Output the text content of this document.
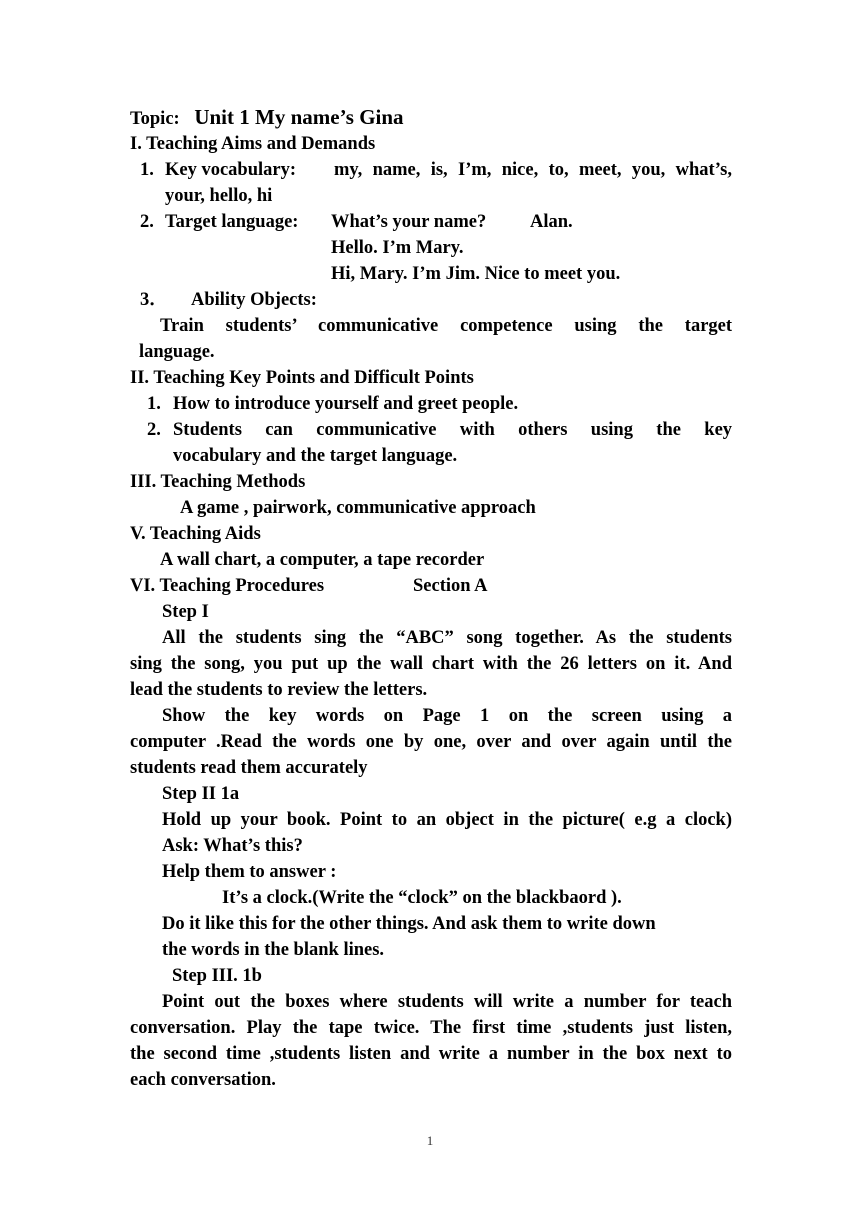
Topic: Unit 1 My name’s Gina
I. Teaching Aims and Demands
1. Key vocabulary: my, name, is, I’m, nice, to, meet, you, what’s,
your, hello, hi
2. Target language: What’s your name? Alan.
Hello. I’m Mary.
Hi, Mary. I’m Jim. Nice to meet you.
3． Ability Objects:
Train students’ communicative competence using the target
language.
II. Teaching Key Points and Difficult Points
1. How to introduce yourself and greet people.
2. Students can communicative with others using the key
vocabulary and the target language.
III. Teaching Methods
A game , pairwork, communicative approach
V. Teaching Aids
A wall chart, a computer, a tape recorder
VI. Teaching Procedures	Section A
Step I
All the students sing the “ABC” song together. As the students
sing the song, you put up the wall chart with the 26 letters on it. And
lead the students to review the letters.
Show the key words on Page 1 on the screen using a
computer .Read the words one by one, over and over again until the
students read them accurately
Step II 1a
Hold up your book. Point to an object in the picture( e.g a clock)
Ask: What’s this?
Help them to answer :
It’s a clock.(Write the “clock” on the blackbaord ).
Do it like this for the other things. And ask them to write down
the words in the blank lines.
Step III. 1b
Point out the boxes where students will write a number for teach
conversation. Play the tape twice. The first time ,students just listen,
the second time ,students listen and write a number in the box next to
each conversation.
1
